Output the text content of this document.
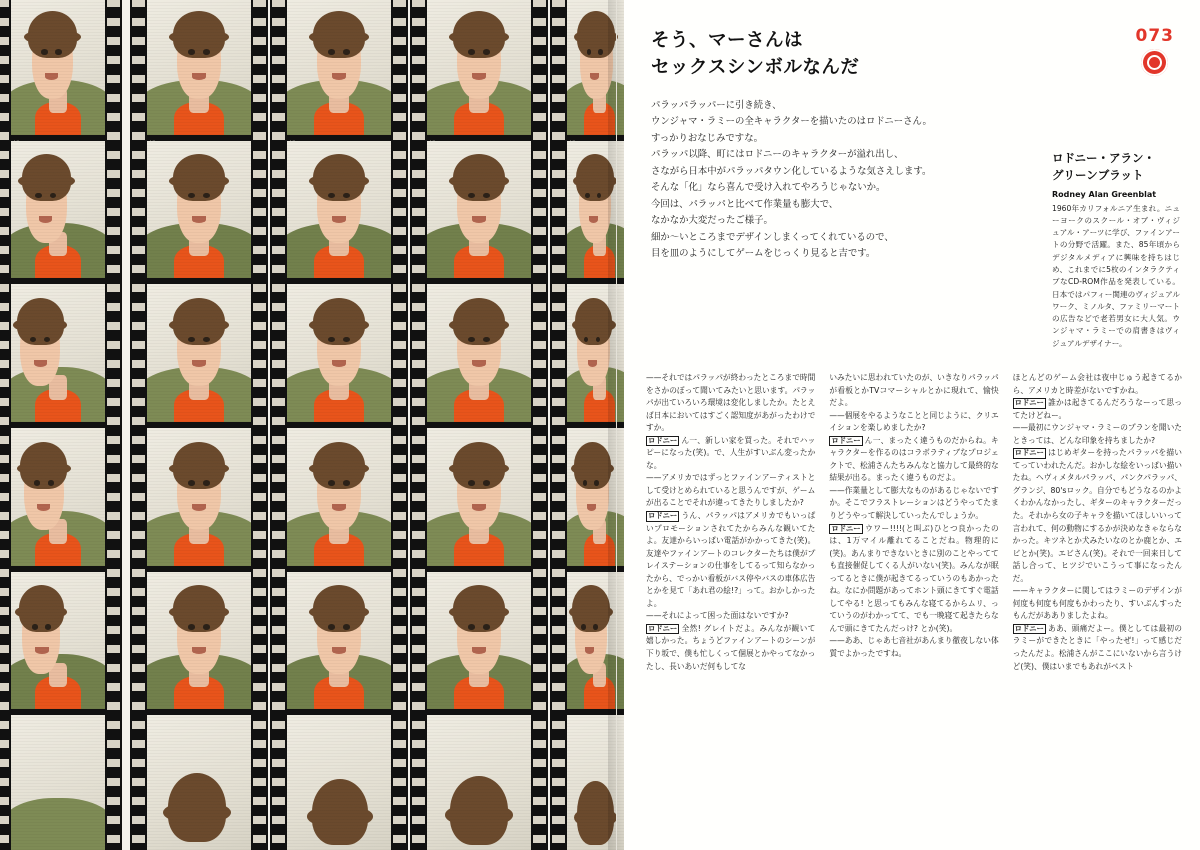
073
そう、マーさんは
セックスシンボルなんだ

パラッパラッパーに引き続き、

ウンジャマ・ラミーの全キャラクターを描いたのはロドニーさん。

すっかりおなじみですな。

パラッパ以降、町にはロドニーのキャラクターが溢れ出し、

さながら日本中がパラッパタウン化しているような気さえします。

そんな「化」なら喜んで受け入れてやろうじゃないか。

今回は、パラッパと比べて作業量も膨大で、

なかなか大変だったご様子。

細か〜いところまでデザインしまくってくれているので、

目を皿のようにしてゲームをじっくり見ると吉です。

ロドニー・アラン・
グリーンブラット
Rodney Alan Greenblat
1960年カリフォルニア生まれ。ニューヨークのスクール・オブ・ヴィジュアル・アーツに学び、ファインアートの分野で活躍。また、85年頃からデジタルメディアに興味を持ちはじめ、これまでに5枚のインタラクティブなCD-ROM作品を発表している。日本ではパフィー関連のヴィジュアルワーク、ミノルタ、ファミリーマートの広告などで老若男女に大人気。ウンジャマ・ラミーでの肩書きはヴィジュアルデザイナー。

——それではパラッパが終わったところまで時間をさかのぼって聞いてみたいと思います。パラッパが出ていろいろ環境は変化しましたか。たとえば日本においてはすごく認知度があがったわけですか。

ロドニー ん一、新しい家を買った。それでハッピーになった(笑)。で、人生がすいぶん変ったかな。

——アメリカではずっとファインアーティストとして受けとめられていると思うんですが、ゲームが出ることでそれが違ってきたりしましたか?

ロドニー うん、パラッパはアメリカでもいっぱいプロモーションされてたからみんな観いてたよ。友達からいっぱい電話がかかってきた(笑)。友達やファインアートのコレクターたちは僕がプレイステーションの仕事をしてるって知らなかったから、でっかい看板がバス停やバスの車体広告とかを見て「あれ君の絵!?」って。おかしかったよ。

——それによって困った面はないですか?

ロドニー 全然! グレイトだよ。みんなが観いて嬉しかった。ちょうどファインアートのシーンが下り坂で、僕も忙しくって個展とかやってなかったし、長いあいだ何もしてな

いみたいに思われていたのが、いきなりパラッパが看板とかTVコマーシャルとかに現れて、愉快だよ。

——個展をやるようなことと同じように、クリエイションを楽しめましたか?

ロドニー ん一、まったく違うものだからね。キャラクターを作るのはコラボラティブなプロジェクトで、松浦さんたちみんなと協力して最終的な結果が出る。まったく違うものだよ。

——作業量として膨大なものがあるじゃないですか。そこでフラストレーションはどうやってたまりどうやって解決していったんでしょうか。

ロドニー ウワー!!!!(と叫ぶ)ひとつ良かったのは、1万マイル離れてることだね。物理的に(笑)。あんまりできないときに別のことやってても直接催促してくる人がいない(笑)。みんなが眠ってるときに僕が起きてるっていうのもあかったね。なにか問題があってホント頭にきてすぐ電話してやる! と思ってもみんな寝てるからムリ、っていうのがわかってて、でも一晩寝て起きたらなんで頭にきてたんだっけ? とか(笑)。

——ああ、じゃあ七音社があんまり徹夜しない体質でよかったですね。

ほとんどのゲーム会社は夜中じゅう起きてるから、アメリカと時差がないですかね。

ロドニー 誰かは起きてるんだろうなーって思ってたけどねー。

——最初にウンジャマ・ラミーのプランを聞いたときっては、どんな印象を持ちましたか?

ロドニー はじめギターを持ったパラッパを描いてっていわれたんだ。おかしな絵をいっぱい描いたね。ヘヴィメタルパラッパ、パンクパラッパ、グランジ、80'sロック。自分でもどうなるのかよくわかんなかったし、ギターのキャラクターだった。それから女の子キャラを描いてほしいいって言われて、何の動物にするかが決めなきゃならなかった。キツネとか犬みたいなのとか鹿とか、エビとか(笑)。エビさん(笑)。それで一回来日して話し合って、ヒツジでいこうって事になったんだ。

——キャラクターに関してはラミーのデザインが何度も何度も何度もかわったり、すいぶんすったもんだがあありましたよね。

ロドニー ああ、頭痛だよー。僕としては最初のラミーができたときに「やったぜ!」って感じだったんだよ。松浦さんがここにいないから言うけど(笑)、僕はいまでもあれがベスト
